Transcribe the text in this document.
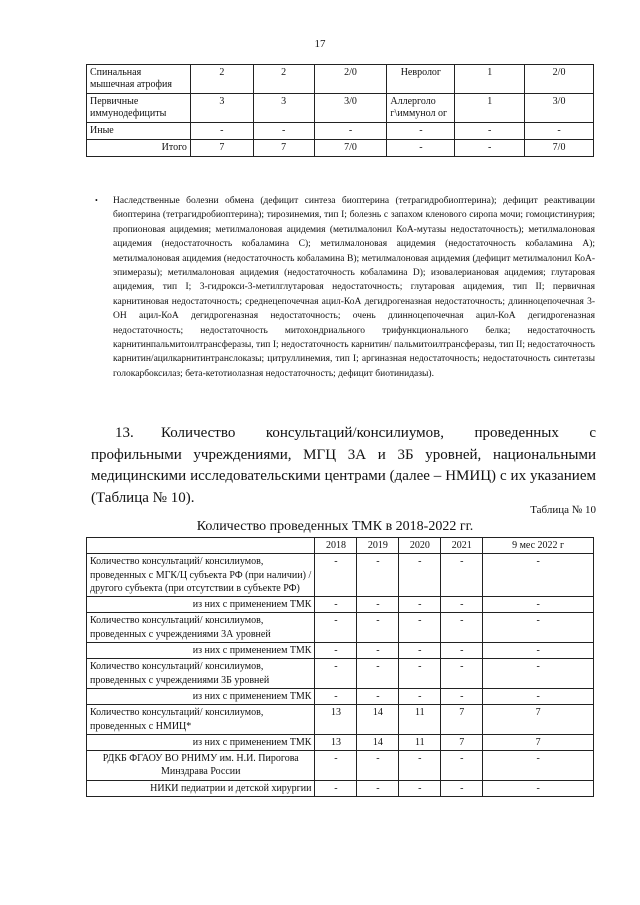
17
Спинальная мышечная атрофия	2	2	2/0	Невролог	1	2/0
Первичные иммунодефициты	3	3	3/0	Аллерголо г\иммунол ог	1	3/0
Иные	-	-	-	-	-	-
Итого	7	7	7/0	-	-	7/0
• Наследственные болезни обмена (дефицит синтеза биоптерина (тетрагидробиоптерина); дефицит реактивации биоптерина (тетрагидробиоптерина); тирозинемия, тип I; болезнь с запахом кленового сиропа мочи; гомоцистинурия; пропионовая ацидемия; метилмалоновая ацидемия (метилмалонил КоА-мутазы недостаточность); метилмалоновая ацидемия (недостаточность кобаламина С); метилмалоновая ацидемия (недостаточность кобаламина А); метилмалоновая ацидемия (недостаточность кобаламина В); метилмалоновая ацидемия (дефицит метилмалонил КоА-эпимеразы); метилмалоновая ацидемия (недостаточность кобаламина D); изовалериановая ацидемия; глутаровая ацидемия, тип I; 3-гидрокси-3-метилглутаровая недостаточность; глутаровая ацидемия, тип II; первичная карнитиновая недостаточность; среднецепочечная ацил-КоА дегидрогеназная недостаточность; длинноцепочечная 3-ОН ацил-КоА дегидрогеназная недостаточность; очень длинноцепочечная ацил-КоА дегидрогеназная недостаточность; недостаточность митохондриального трифункционального белка; недостаточность карнитинпальмитоилтрансферазы, тип I; недостаточность карнитин/ пальмитоилтрансферазы, тип II; недостаточность карнитин/ацилкарнитинтранслоказы; цитруллинемия, тип I; аргиназная недостаточность; недостаточность синтетазы голокарбоксилаз; бета-кетотиолазная недостаточность; дефицит биотинидазы).
13. Количество консультаций/консилиумов, проведенных с профильными учреждениями, МГЦ 3А и 3Б уровней, национальными медицинскими исследовательскими центрами (далее – НМИЦ) с их указанием (Таблица № 10).
Таблица № 10
Количество проведенных ТМК в 2018-2022 гг.
	2018	2019	2020	2021	9 мес 2022 г
Количество консультаций/ консилиумов, проведенных с МГК/Ц субъекта РФ (при наличии) / другого субъекта (при отсутствии в субъекте РФ)	-	-	-	-	-
из них с применением ТМК	-	-	-	-	-
Количество консультаций/ консилиумов, проведенных с учреждениями 3А уровней	-	-	-	-	-
из них с применением ТМК	-	-	-	-	-
Количество консультаций/ консилиумов, проведенных с учреждениями 3Б уровней	-	-	-	-	-
из них с применением ТМК	-	-	-	-	-
Количество консультаций/ консилиумов, проведенных с НМИЦ*	13	14	11	7	7
из них с применением ТМК	13	14	11	7	7
РДКБ ФГАОУ ВО РНИМУ им. Н.И. Пирогова Минздрава России	-	-	-	-	-
НИКИ педиатрии и детской хирургии	-	-	-	-	-
